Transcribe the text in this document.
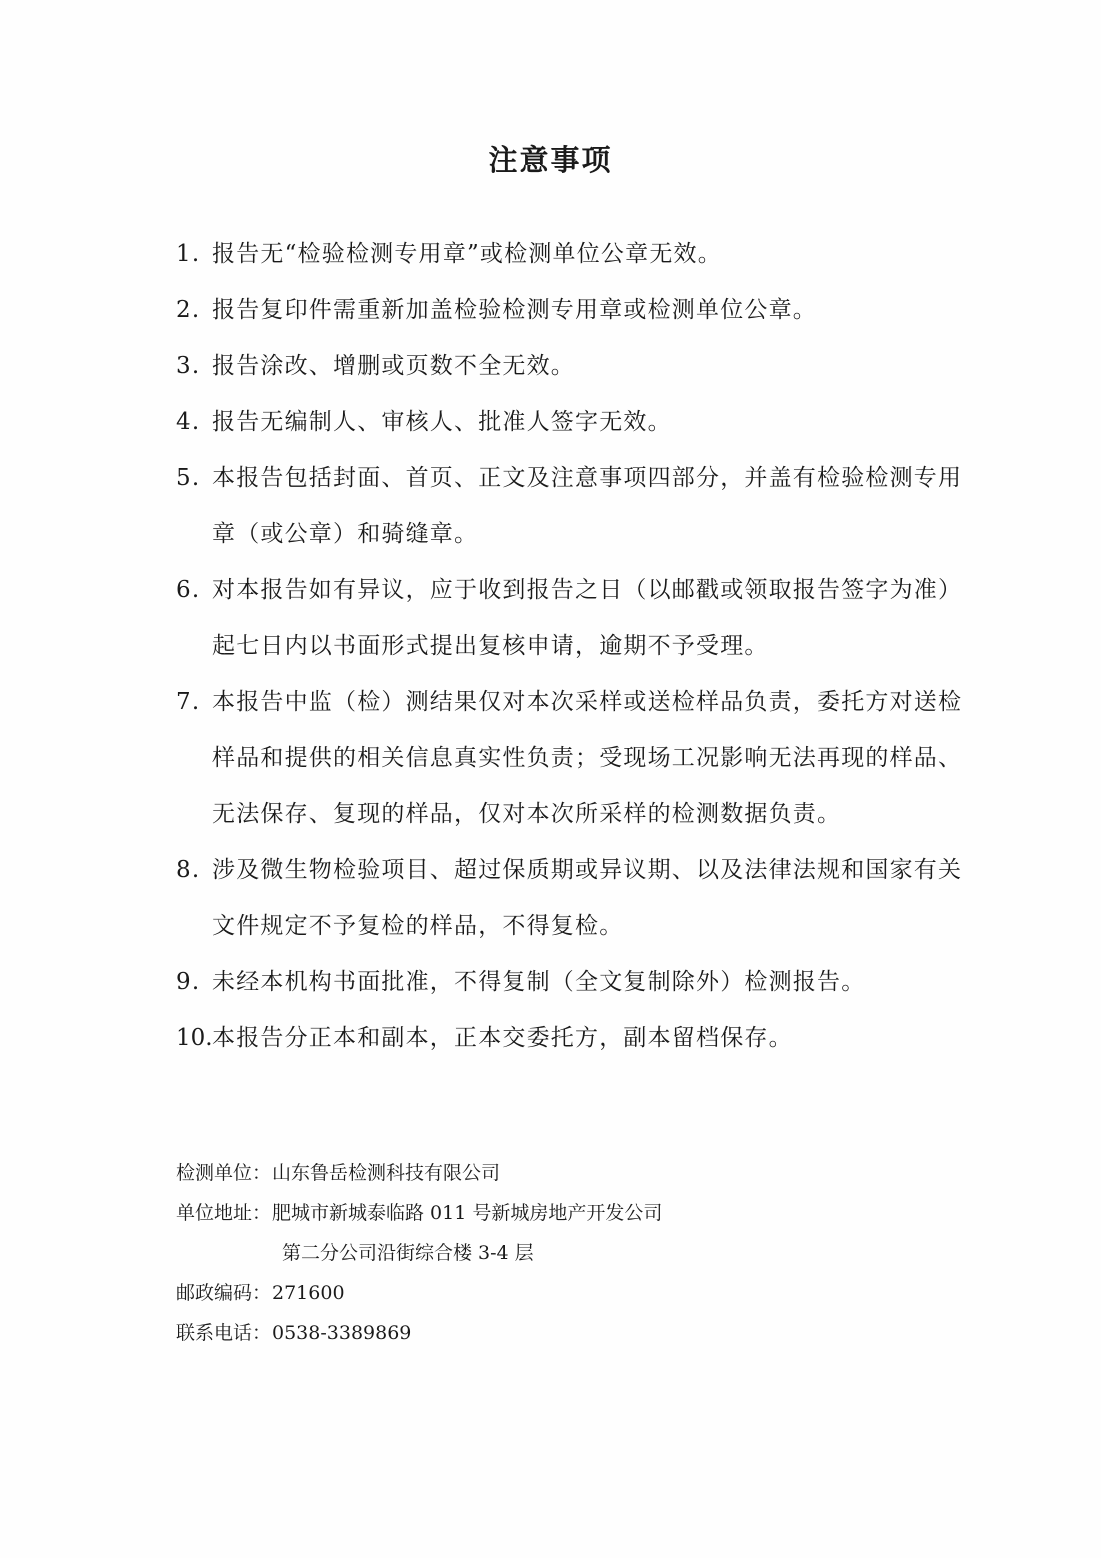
注意事项
1. 报告无“检验检测专用章”或检测单位公章无效。
2. 报告复印件需重新加盖检验检测专用章或检测单位公章。
3. 报告涂改、增删或页数不全无效。
4. 报告无编制人、审核人、批准人签字无效。
5. 本报告包括封面、首页、正文及注意事项四部分，并盖有检验检测专用章（或公章）和骑缝章。
6. 对本报告如有异议，应于收到报告之日（以邮戳或领取报告签字为准）起七日内以书面形式提出复核申请，逾期不予受理。
7. 本报告中监（检）测结果仅对本次采样或送检样品负责，委托方对送检样品和提供的相关信息真实性负责；受现场工况影响无法再现的样品、无法保存、复现的样品，仅对本次所采样的检测数据负责。
8. 涉及微生物检验项目、超过保质期或异议期、以及法律法规和国家有关文件规定不予复检的样品，不得复检。
9. 未经本机构书面批准，不得复制（全文复制除外）检测报告。
10. 本报告分正本和副本，正本交委托方，副本留档保存。
检测单位： 山东鲁岳检测科技有限公司
单位地址： 肥城市新城泰临路 011 号新城房地产开发公司
第二分公司沿街综合楼 3-4 层
邮政编码： 271600
联系电话： 0538-3389869
